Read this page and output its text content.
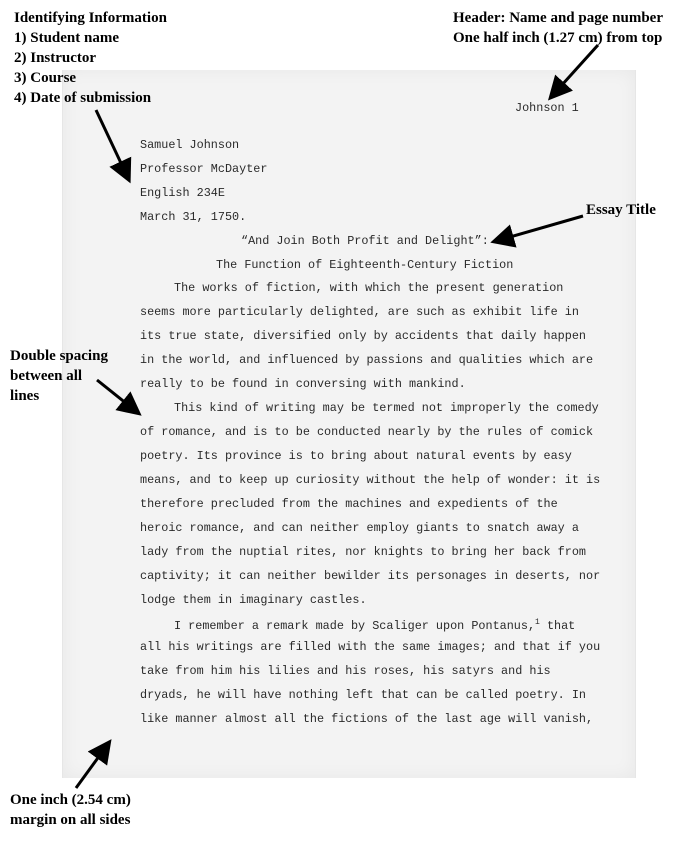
Identifying Information
1) Student name
2) Instructor
3) Course
4) Date of submission
Header: Name and page number
One half inch (1.27 cm) from top
Essay Title
Double spacing
between all
lines
One inch (2.54 cm)
margin on all sides
Johnson 1
Samuel Johnson
Professor McDayter
English 234E
March 31, 1750.
“And Join Both Profit and Delight”:
The Function of Eighteenth-Century Fiction
The works of fiction, with which the present generation
seems more particularly delighted, are such as exhibit life in
its true state, diversified only by accidents that daily happen
in the world, and influenced by passions and qualities which are
really to be found in conversing with mankind.
This kind of writing may be termed not improperly the comedy
of romance, and is to be conducted nearly by the rules of comick
poetry. Its province is to bring about natural events by easy
means, and to keep up curiosity without the help of wonder: it is
therefore precluded from the machines and expedients of the
heroic romance, and can neither employ giants to snatch away a
lady from the nuptial rites, nor knights to bring her back from
captivity; it can neither bewilder its personages in deserts, nor
lodge them in imaginary castles.
I remember a remark made by Scaliger upon Pontanus,$^1$ that
all his writings are filled with the same images; and that if you
take from him his lilies and his roses, his satyrs and his
dryads, he will have nothing left that can be called poetry. In
like manner almost all the fictions of the last age will vanish,
